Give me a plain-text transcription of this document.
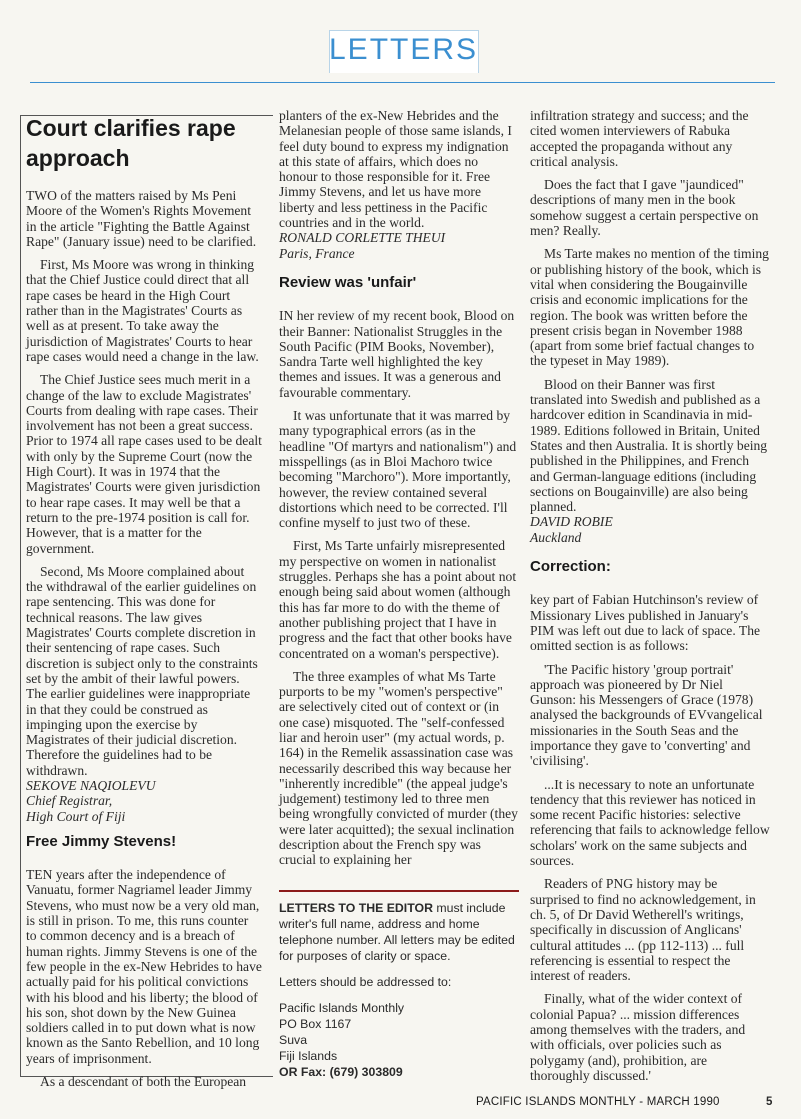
LETTERS
Court clarifies rape approach

TWO of the matters raised by Ms Peni Moore of the Women's Rights Movement in the article "Fighting the Battle Against Rape" (January issue) need to be clarified.

First, Ms Moore was wrong in thinking that the Chief Justice could direct that all rape cases be heard in the High Court rather than in the Magistrates' Courts as well as at present. To take away the jurisdiction of Magistrates' Courts to hear rape cases would need a change in the law.

The Chief Justice sees much merit in a change of the law to exclude Magistrates' Courts from dealing with rape cases. Their involvement has not been a great success. Prior to 1974 all rape cases used to be dealt with only by the Supreme Court (now the High Court). It was in 1974 that the Magistrates' Courts were given jurisdiction to hear rape cases. It may well be that a return to the pre-1974 position is call for. However, that is a matter for the government.

Second, Ms Moore complained about the withdrawal of the earlier guidelines on rape sentencing. This was done for technical reasons. The law gives Magistrates' Courts complete discretion in their sentencing of rape cases. Such discretion is subject only to the constraints set by the ambit of their lawful powers. The earlier guidelines were inappropriate in that they could be construed as impinging upon the exercise by Magistrates of their judicial discretion. Therefore the guidelines had to be withdrawn.

SEKOVE NAQIOLEVU
Chief Registrar,
High Court of Fiji
Free Jimmy Stevens!

TEN years after the independence of Vanuatu, former Nagriamel leader Jimmy Stevens, who must now be a very old man, is still in prison. To me, this runs counter to common decency and is a breach of human rights. Jimmy Stevens is one of the few people in the ex-New Hebrides to have actually paid for his political convictions with his blood and his liberty; the blood of his son, shot down by the New Guinea soldiers called in to put down what is now known as the Santo Rebellion, and 10 long years of imprisonment.

As a descendant of both the European

planters of the ex-New Hebrides and the Melanesian people of those same islands, I feel duty bound to express my indignation at this state of affairs, which does no honour to those responsible for it. Free Jimmy Stevens, and let us have more liberty and less pettiness in the Pacific countries and in the world.

RONALD CORLETTE THEUI
Paris, France
Review was 'unfair'

IN her review of my recent book, Blood on their Banner: Nationalist Struggles in the South Pacific (PIM Books, November), Sandra Tarte well highlighted the key themes and issues. It was a generous and favourable commentary.

It was unfortunate that it was marred by many typographical errors (as in the headline "Of martyrs and nationalism") and misspellings (as in Bloi Machoro twice becoming "Marchoro"). More importantly, however, the review contained several distortions which need to be corrected. I'll confine myself to just two of these.

First, Ms Tarte unfairly misrepresented my perspective on women in nationalist struggles. Perhaps she has a point about not enough being said about women (although this has far more to do with the theme of another publishing project that I have in progress and the fact that other books have concentrated on a woman's perspective).

The three examples of what Ms Tarte purports to be my "women's perspective" are selectively cited out of context or (in one case) misquoted. The "self-confessed liar and heroin user" (my actual words, p. 164) in the Remelik assassination case was necessarily described this way because her "inherently incredible" (the appeal judge's judgement) testimony led to three men being wrongfully convicted of murder (they were later acquitted); the sexual inclination description about the French spy was crucial to explaining her

LETTERS TO THE EDITOR must include writer's full name, address and home telephone number. All letters may be edited for purposes of clarity or space.
Letters should be addressed to:
Pacific Islands Monthly
PO Box 1167
Suva
Fiji Islands
OR Fax: (679) 303809

infiltration strategy and success; and the cited women interviewers of Rabuka accepted the propaganda without any critical analysis.

Does the fact that I gave "jaundiced" descriptions of many men in the book somehow suggest a certain perspective on men? Really.

Ms Tarte makes no mention of the timing or publishing history of the book, which is vital when considering the Bougainville crisis and economic implications for the region. The book was written before the present crisis began in November 1988 (apart from some brief factual changes to the typeset in May 1989).

Blood on their Banner was first translated into Swedish and published as a hardcover edition in Scandinavia in mid-1989. Editions followed in Britain, United States and then Australia. It is shortly being published in the Philippines, and French and German-language editions (including sections on Bougainville) are also being planned.

DAVID ROBIE
Auckland
Correction:

key part of Fabian Hutchinson's review of Missionary Lives published in January's PIM was left out due to lack of space. The omitted section is as follows:

'The Pacific history 'group portrait' approach was pioneered by Dr Niel Gunson: his Messengers of Grace (1978) analysed the backgrounds of EVvangelical missionaries in the South Seas and the importance they gave to 'converting' and 'civilising'.

...It is necessary to note an unfortunate tendency that this reviewer has noticed in some recent Pacific histories: selective referencing that fails to acknowledge fellow scholars' work on the same subjects and sources.

Readers of PNG history may be surprised to find no acknowledgement, in ch. 5, of Dr David Wetherell's writings, specifically in discussion of Anglicans' cultural attitudes ... (pp 112-113) ... full referencing is essential to respect the interest of readers.

Finally, what of the wider context of colonial Papua? ... mission differences among themselves with the traders, and with officials, over policies such as polygamy (and), prohibition, are thoroughly discussed.'

PACIFIC ISLANDS MONTHLY - MARCH 1990	5
